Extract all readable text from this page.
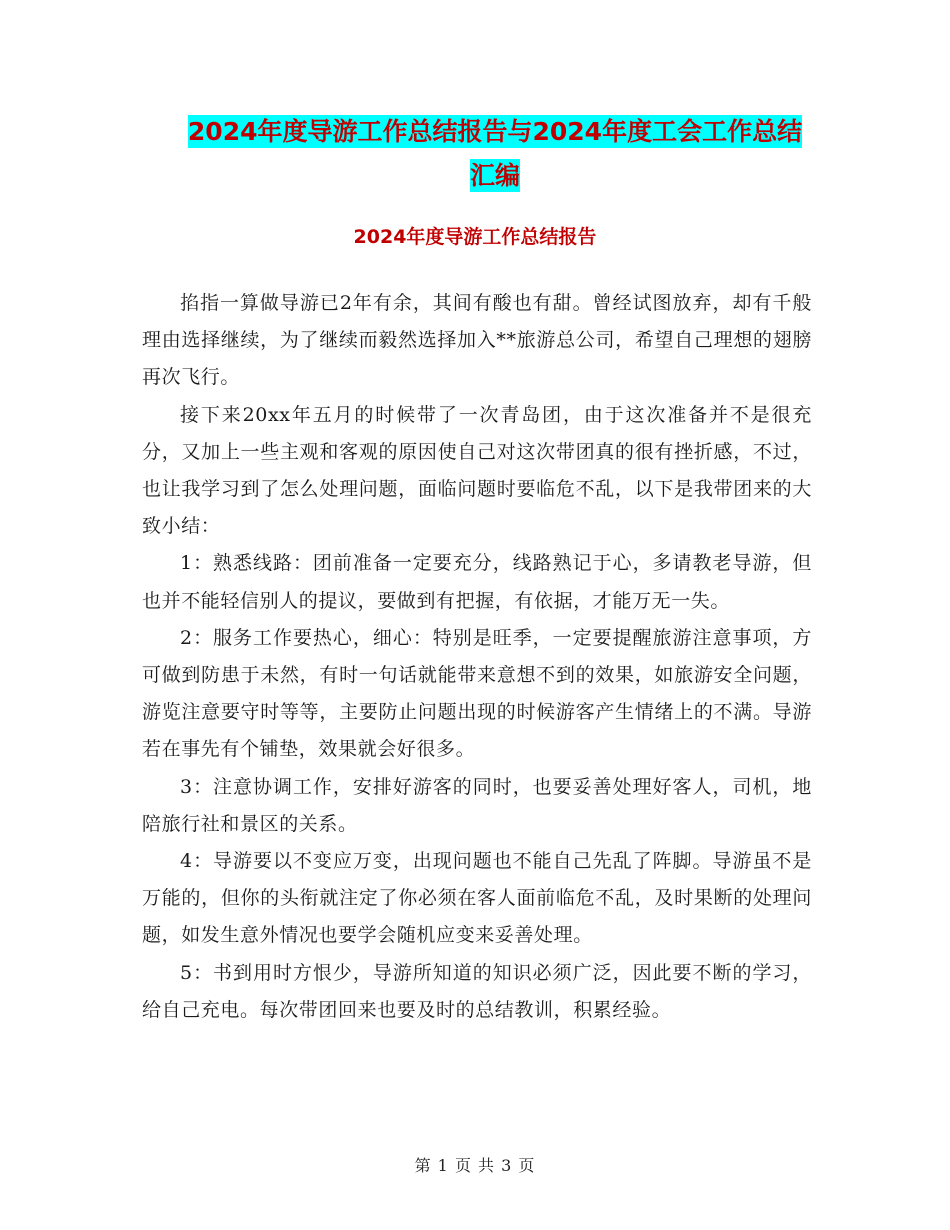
2024年度导游工作总结报告与2024年度工会工作总结
汇编
2024年度导游工作总结报告

掐指一算做导游已2年有余，其间有酸也有甜。曾经试图放弃，却有千般理由选择继续，为了继续而毅然选择加入**旅游总公司，希望自己理想的翅膀再次飞行。

接下来20xx年五月的时候带了一次青岛团，由于这次准备并不是很充分，又加上一些主观和客观的原因使自己对这次带团真的很有挫折感，不过，也让我学习到了怎么处理问题，面临问题时要临危不乱，以下是我带团来的大致小结：

1：熟悉线路：团前准备一定要充分，线路熟记于心，多请教老导游，但也并不能轻信别人的提议，要做到有把握，有依据，才能万无一失。

2：服务工作要热心，细心：特别是旺季，一定要提醒旅游注意事项，方可做到防患于未然，有时一句话就能带来意想不到的效果，如旅游安全问题，游览注意要守时等等，主要防止问题出现的时候游客产生情绪上的不满。导游若在事先有个铺垫，效果就会好很多。

3：注意协调工作，安排好游客的同时，也要妥善处理好客人，司机，地陪旅行社和景区的关系。

4：导游要以不变应万变，出现问题也不能自己先乱了阵脚。导游虽不是万能的，但你的头衔就注定了你必须在客人面前临危不乱，及时果断的处理问题，如发生意外情况也要学会随机应变来妥善处理。

5：书到用时方恨少，导游所知道的知识必须广泛，因此要不断的学习，给自己充电。每次带团回来也要及时的总结教训，积累经验。

第 1 页 共 3 页
